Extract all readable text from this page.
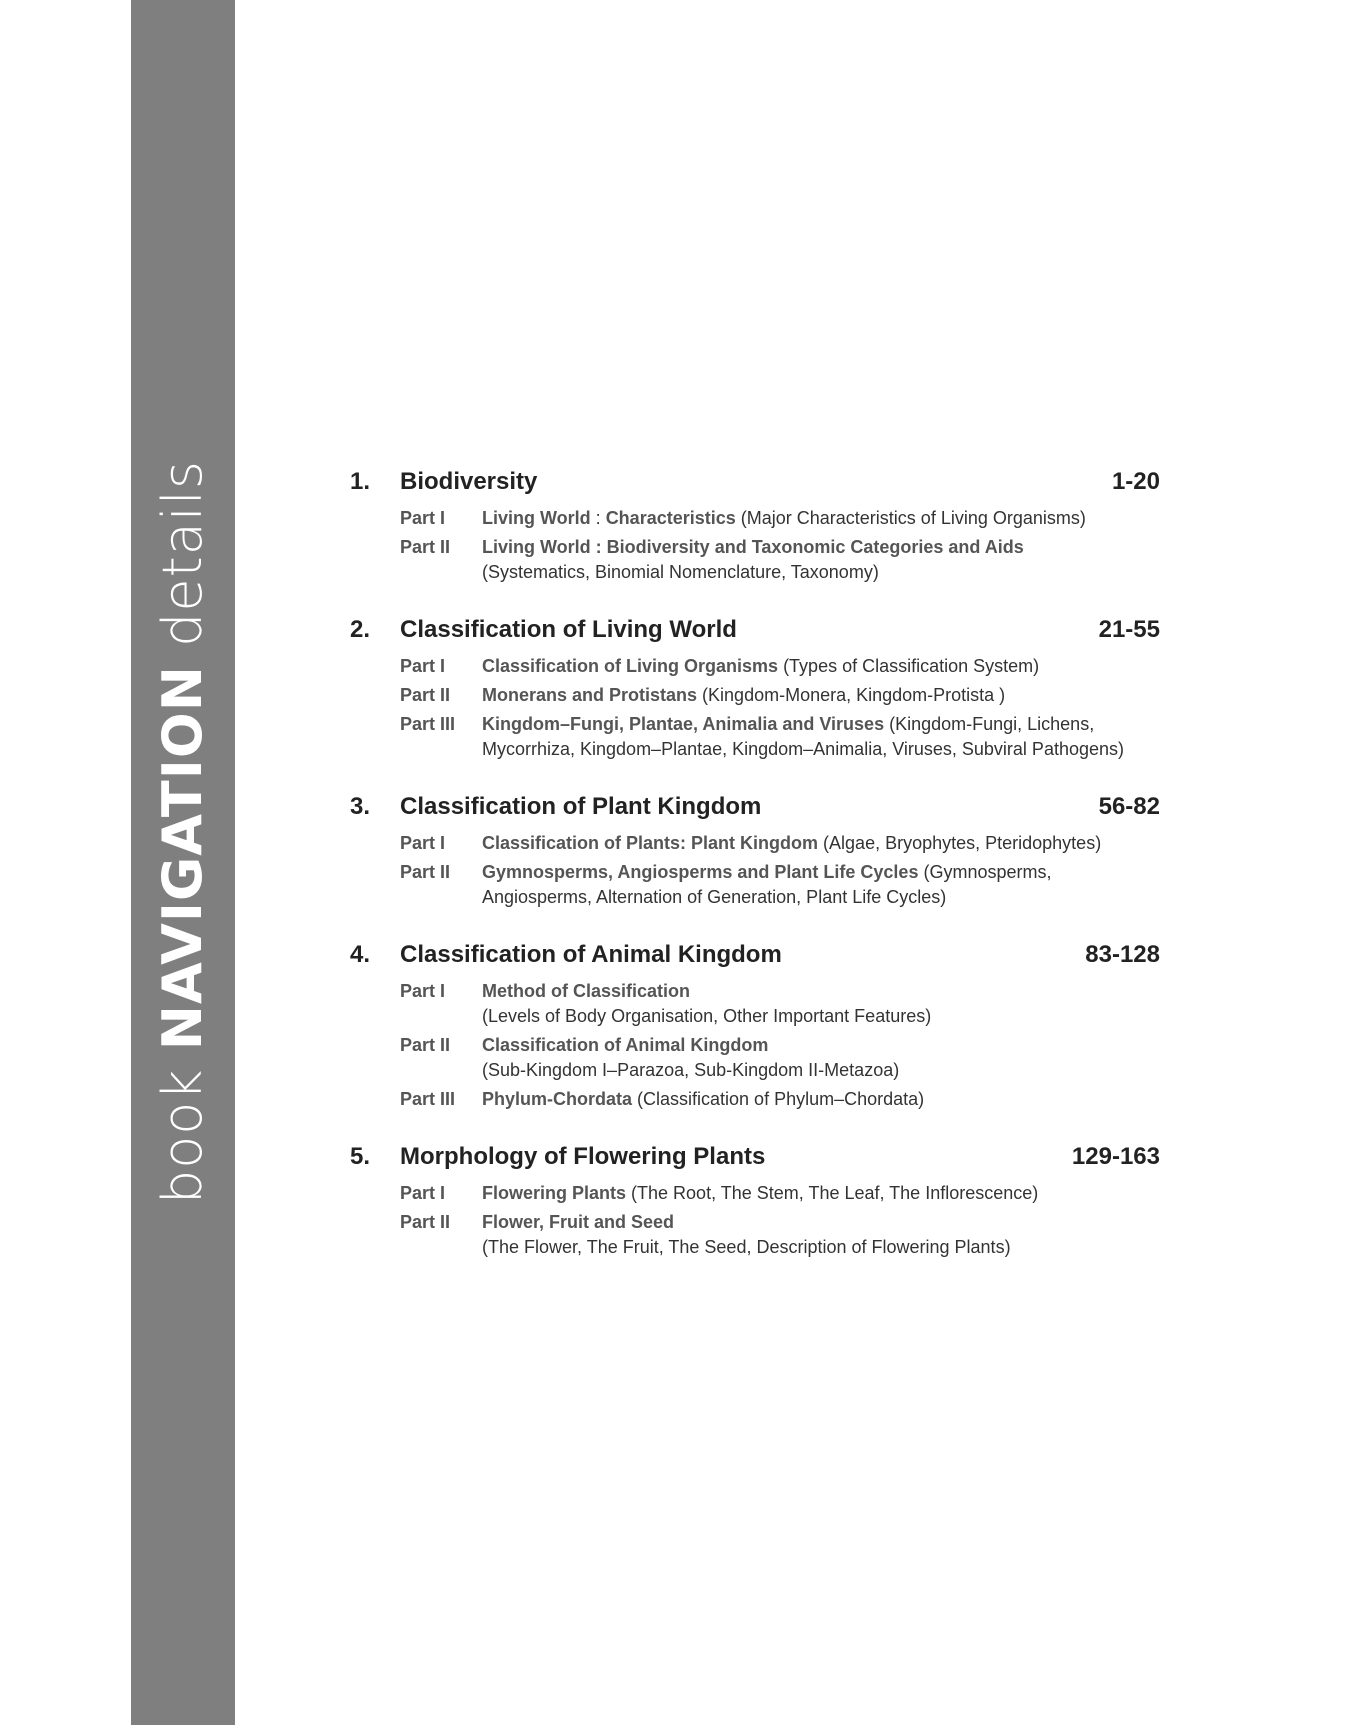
book NAVIGATION details	1.	Biodiversity	1-20
Part I	Living World : Characteristics (Major Characteristics of Living Organisms)
Part II	Living World : Biodiversity and Taxonomic Categories and Aids
(Systematics, Binomial Nomenclature, Taxonomy)
2.	Classification of Living World	21-55
Part I	Classification of Living Organisms (Types of Classification System)
Part II	Monerans and Protistans (Kingdom-Monera, Kingdom-Protista )
Part III	Kingdom–Fungi, Plantae, Animalia and Viruses (Kingdom-Fungi, Lichens, Mycorrhiza, Kingdom–Plantae, Kingdom–Animalia, Viruses, Subviral Pathogens)
3.	Classification of Plant Kingdom	56-82
Part I	Classification of Plants: Plant Kingdom (Algae, Bryophytes, Pteridophytes)
Part II	Gymnosperms, Angiosperms and Plant Life Cycles (Gymnosperms, Angiosperms, Alternation of Generation, Plant Life Cycles)
4.	Classification of Animal Kingdom	83-128
Part I	Method of Classification
(Levels of Body Organisation, Other Important Features)
Part II	Classification of Animal Kingdom
(Sub-Kingdom I–Parazoa, Sub-Kingdom II-Metazoa)
Part III	Phylum-Chordata (Classification of Phylum–Chordata)
5.	Morphology of Flowering Plants	129-163
Part I	Flowering Plants (The Root, The Stem, The Leaf, The Inflorescence)
Part II	Flower, Fruit and Seed
(The Flower, The Fruit, The Seed, Description of Flowering Plants)
